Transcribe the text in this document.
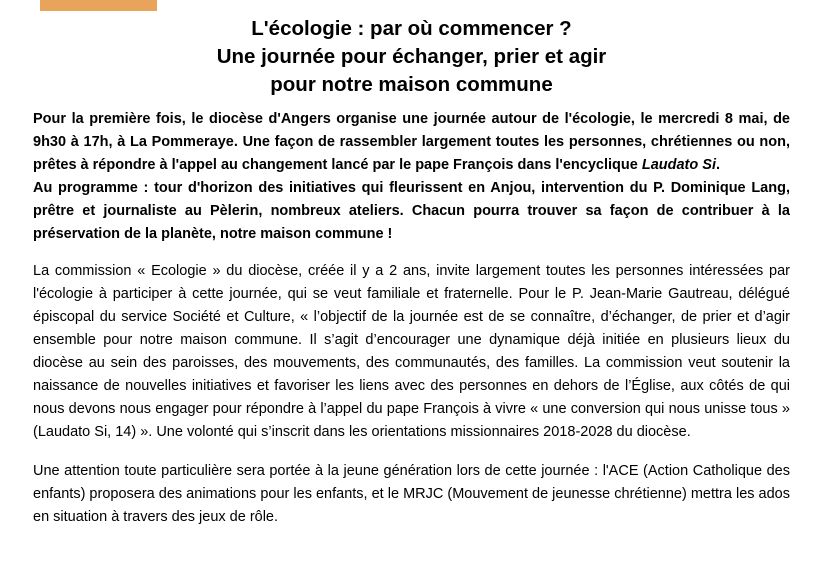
L'écologie : par où commencer ?
Une journée pour échanger, prier et agir
pour notre maison commune

Pour la première fois, le diocèse d'Angers organise une journée autour de l'écologie, le mercredi 8 mai, de 9h30 à 17h, à La Pommeraye. Une façon de rassembler largement toutes les personnes, chrétiennes ou non, prêtes à répondre à l'appel au changement lancé par le pape François dans l'encyclique Laudato Si.

Au programme : tour d'horizon des initiatives qui fleurissent en Anjou, intervention du P. Dominique Lang, prêtre et journaliste au Pèlerin, nombreux ateliers. Chacun pourra trouver sa façon de contribuer à la préservation de la planète, notre maison commune !

La commission « Ecologie » du diocèse, créée il y a 2 ans, invite largement toutes les personnes intéressées par l'écologie à participer à cette journée, qui se veut familiale et fraternelle. Pour le P. Jean-Marie Gautreau, délégué épiscopal du service Société et Culture, « l’objectif de la journée est de se connaître, d’échanger, de prier et d’agir ensemble pour notre maison commune. Il s’agit d’encourager une dynamique déjà initiée en plusieurs lieux du diocèse au sein des paroisses, des mouvements, des communautés, des familles. La commission veut soutenir la naissance de nouvelles initiatives et favoriser les liens avec des personnes en dehors de l’Église, aux côtés de qui nous devons nous engager pour répondre à l’appel du pape François à vivre « une conversion qui nous unisse tous » (Laudato Si, 14) ». Une volonté qui s’inscrit dans les orientations missionnaires 2018-2028 du diocèse.

Une attention toute particulière sera portée à la jeune génération lors de cette journée : l'ACE (Action Catholique des enfants) proposera des animations pour les enfants, et le MRJC (Mouvement de jeunesse chrétienne) mettra les ados en situation à travers des jeux de rôle.
